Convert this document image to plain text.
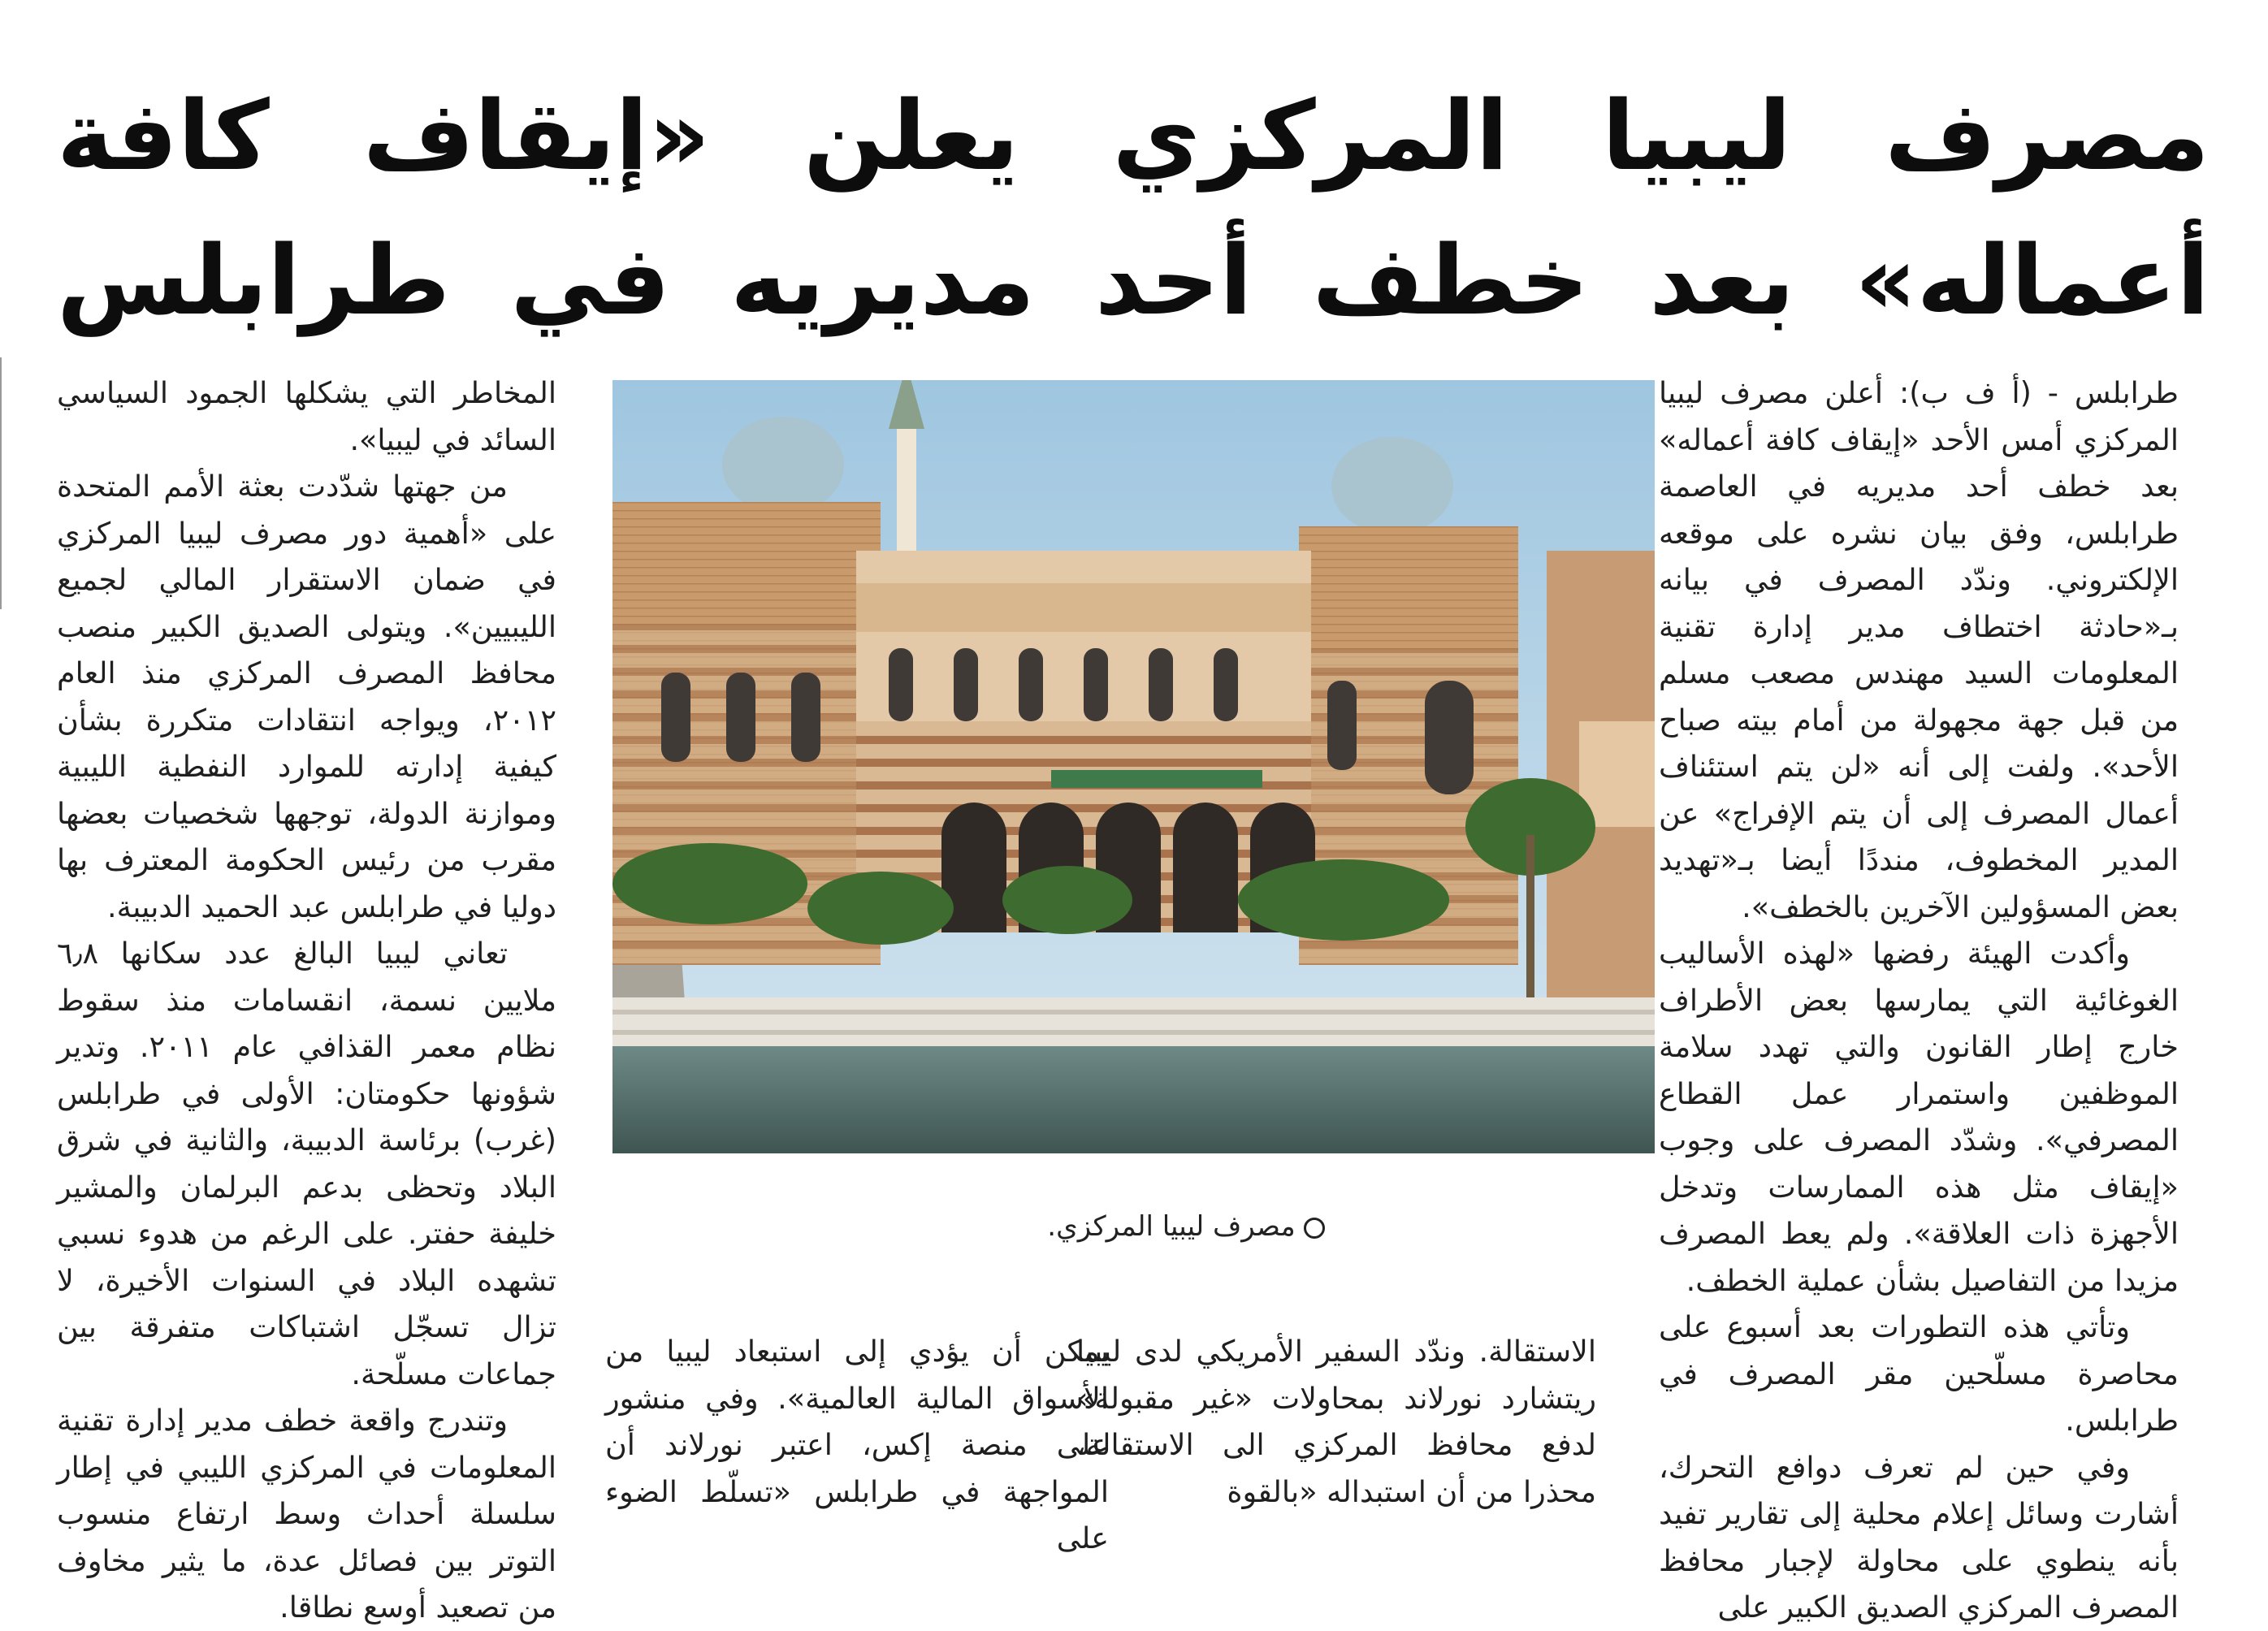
مصرف ليبيا المركزي يعلن «إيقاف كافة
أعماله» بعد خطف أحد مديريه في طرابلس

طرابلس - (أ ف ب): أعلن مصرف ليبيا المركزي أمس الأحد «إيقاف كافة أعماله» بعد خطف أحد مديريه في العاصمة طرابلس، وفق بيان نشره على موقعه الإلكتروني. وندّد المصرف في بيانه بـ«حادثة اختطاف مدير إدارة تقنية المعلومات السيد مهندس مصعب مسلم من قبل جهة مجهولة من أمام بيته صباح الأحد». ولفت إلى أنه «لن يتم استئناف أعمال المصرف إلى أن يتم الإفراج» عن المدير المخطوف، منددًا أيضا بـ«تهديد بعض المسؤولين الآخرين بالخطف».

وأكدت الهيئة رفضها «لهذه الأساليب الغوغائية التي يمارسها بعض الأطراف خارج إطار القانون والتي تهدد سلامة الموظفين واستمرار عمل القطاع المصرفي». وشدّد المصرف على وجوب «إيقاف مثل هذه الممارسات وتدخل الأجهزة ذات العلاقة». ولم يعط المصرف مزيدا من التفاصيل بشأن عملية الخطف.

وتأتي هذه التطورات بعد أسبوع على محاصرة مسلّحين مقر المصرف في طرابلس.

وفي حين لم تعرف دوافع التحرك، أشارت وسائل إعلام محلية إلى تقارير تفيد بأنه ينطوي على محاولة لإجبار محافظ المصرف المركزي الصديق الكبير على

مصرف ليبيا المركزي.

الاستقالة. وندّد السفير الأمريكي لدى ليبيا ريتشارد نورلاند بمحاولات «غير مقبولة» لدفع محافظ المركزي الى الاستقالة، محذرا من أن استبداله «بالقوة

يمكن أن يؤدي إلى استبعاد ليبيا من الأسواق المالية العالمية». وفي منشور على منصة إكس، اعتبر نورلاند أن المواجهة في طرابلس «تسلّط الضوء على

المخاطر التي يشكلها الجمود السياسي السائد في ليبيا».

من جهتها شدّدت بعثة الأمم المتحدة على «أهمية دور مصرف ليبيا المركزي في ضمان الاستقرار المالي لجميع الليبيين». ويتولى الصديق الكبير منصب محافظ المصرف المركزي منذ العام ٢٠١٢، ويواجه انتقادات متكررة بشأن كيفية إدارته للموارد النفطية الليبية وموازنة الدولة، توجهها شخصيات بعضها مقرب من رئيس الحكومة المعترف بها دوليا في طرابلس عبد الحميد الدبيبة.

تعاني ليبيا البالغ عدد سكانها ٦٫٨ ملايين نسمة، انقسامات منذ سقوط نظام معمر القذافي عام ٢٠١١. وتدير شؤونها حكومتان: الأولى في طرابلس (غرب) برئاسة الدبيبة، والثانية في شرق البلاد وتحظى بدعم البرلمان والمشير خليفة حفتر. على الرغم من هدوء نسبي تشهده البلاد في السنوات الأخيرة، لا تزال تسجّل اشتباكات متفرقة بين جماعات مسلّحة.

وتندرج واقعة خطف مدير إدارة تقنية المعلومات في المركزي الليبي في إطار سلسلة أحداث وسط ارتفاع منسوب التوتر بين فصائل عدة، ما يثير مخاوف من تصعيد أوسع نطاقا.
